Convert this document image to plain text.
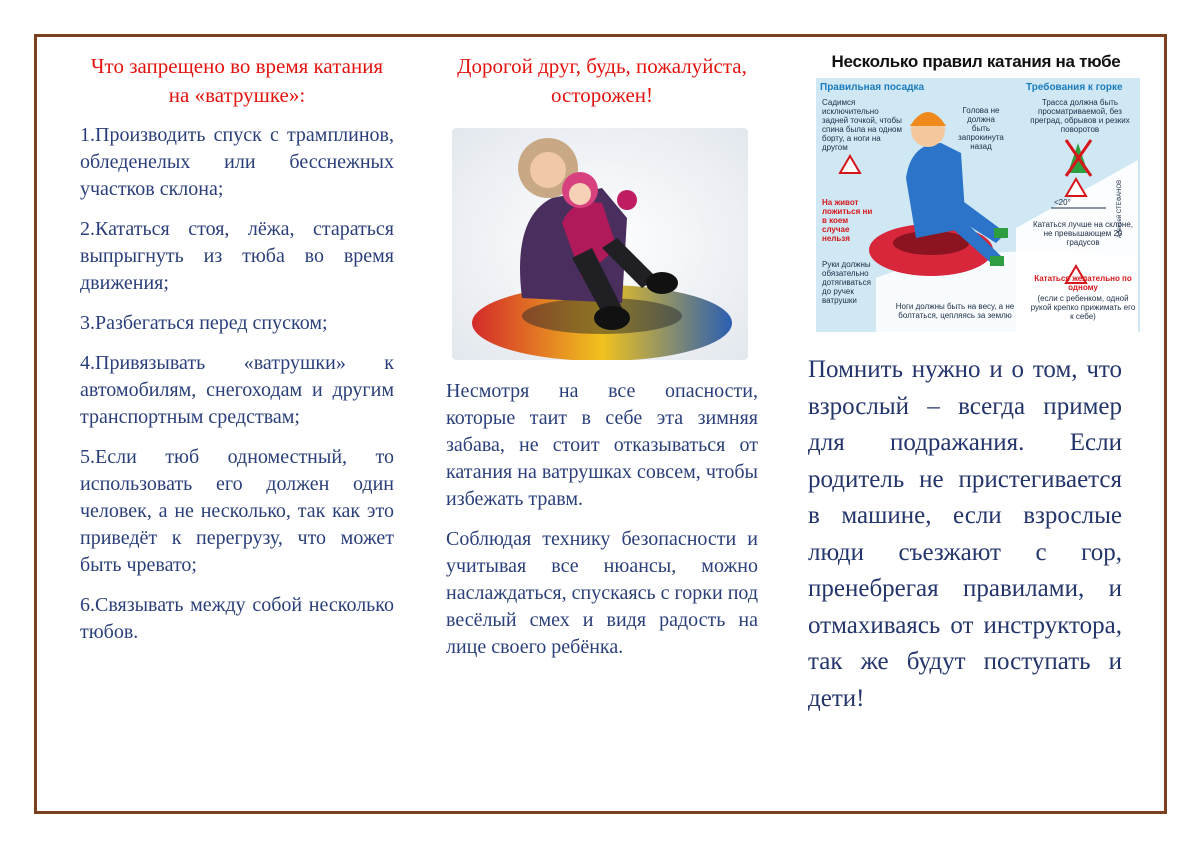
Что запрещено во время катания на «ватрушке»:

1.Производить спуск с трамплинов, обледенелых или бесснежных участков склона;

2.Кататься стоя, лёжа, стараться выпрыгнуть из тюба во время движения;

3.Разбегаться перед спуском;

4.Привязывать «ватрушки» к автомобилям, снегоходам и другим транспортным средствам;

5.Если тюб одноместный, то использовать его должен один человек, а не несколько, так как это приведёт к перегрузу, что может быть чревато;

6.Связывать между собой несколько тюбов.

Дорогой друг, будь, пожалуйста, осторожен!

Несмотря на все опасности, которые таит в себе эта зимняя забава, не стоит отказываться от катания на ватрушках совсем, чтобы избежать травм.

Соблюдая технику безопасности и учитывая все нюансы, можно наслаждаться, спускаясь с горки под весёлый смех и видя радость на лице своего ребёнка.

Несколько правил катания на тюбе

Правильная посадка	Требования к горке
Садимся исключительно задней точкой, чтобы спина была на одном борту, а ноги на другом
Голова не должна быть запрокинута назад
Трасса должна быть просматриваемой, без преград, обрывов и резких поворотов
<20°
На живот ложиться ни в коем случае нельзя
Руки должны обязательно дотягиваться до ручек ватрушки
Кататься лучше на склоне, не превышающем 20 градусов
Кататься желательно по одному
(если с ребенком, одной рукой крепко прижимать его к себе)
Ноги должны быть на весу, а не болтаться, цепляясь за землю
Алексей СТЕФАНОВ

Помнить нужно и о том, что взрослый – всегда пример для подражания. Если родитель не пристегивается в машине, если взрослые люди съезжают с гор, пренебрегая правилами, и отмахиваясь от инструктора, так же будут поступать и дети!
